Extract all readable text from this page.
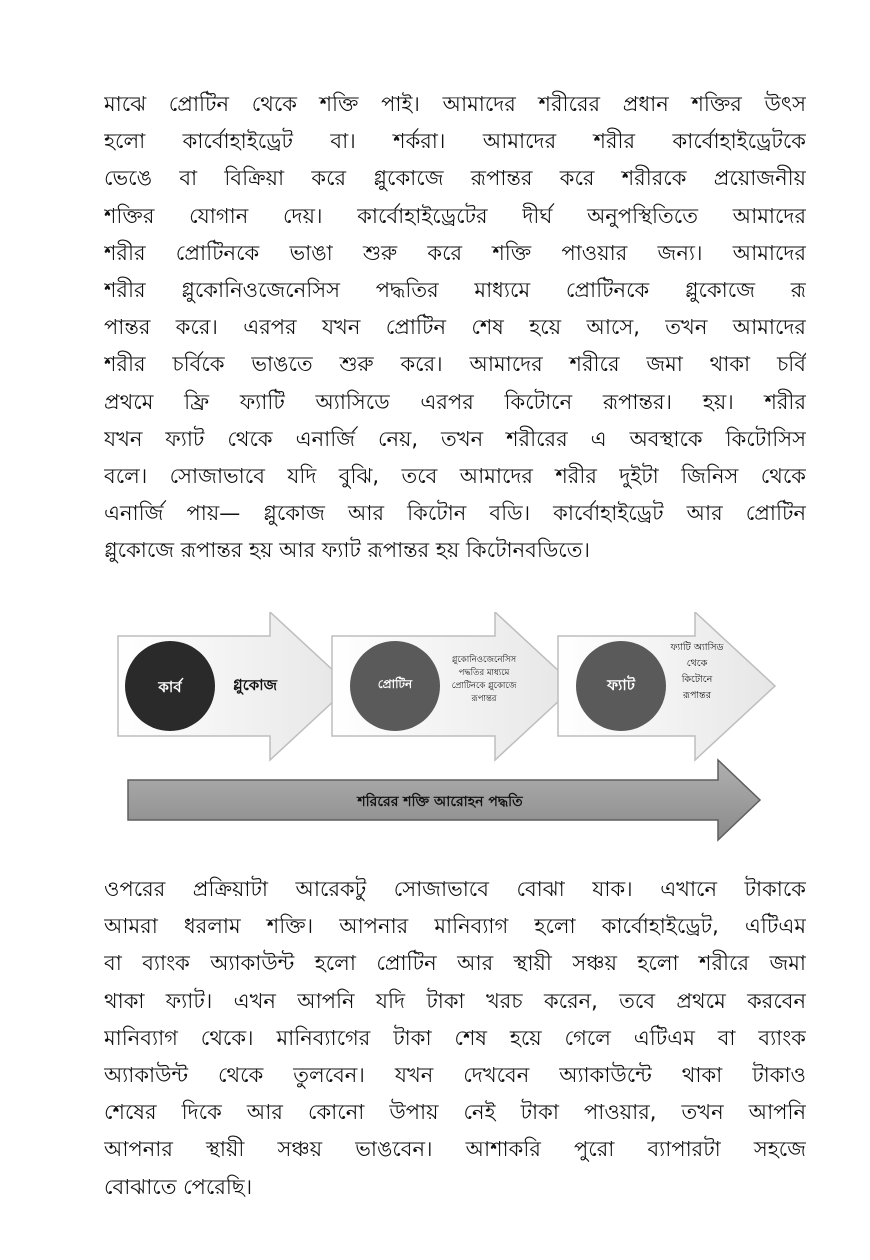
মাঝে প্রোটিন থেকে শক্তি পাই। আমাদের শরীরের প্রধান শক্তির উৎস
হলো কার্বোহাইড্রেট বা। শর্করা। আমাদের শরীর কার্বোহাইড্রেটকে
ভেঙে বা বিক্রিয়া করে গ্লুকোজে রূপান্তর করে শরীরকে প্রয়োজনীয়
শক্তির যোগান দেয়। কার্বোহাইড্রেটের দীর্ঘ অনুপস্থিতিতে আমাদের
শরীর প্রোটিনকে ভাঙা শুরু করে শক্তি পাওয়ার জন্য। আমাদের
শরীর গ্লুকোনিওজেনেসিস পদ্ধতির মাধ্যমে প্রোটিনকে গ্লুকোজে রূ
পান্তর করে। এরপর যখন প্রোটিন শেষ হয়ে আসে, তখন আমাদের
শরীর চর্বিকে ভাঙতে শুরু করে। আমাদের শরীরে জমা থাকা চর্বি
প্রথমে ফ্রি ফ্যাটি অ্যাসিডে এরপর কিটোনে রূপান্তর। হয়। শরীর
যখন ফ্যাট থেকে এনার্জি নেয়, তখন শরীরের এ অবস্থাকে কিটোসিস
বলে। সোজাভাবে যদি বুঝি, তবে আমাদের শরীর দুইটা জিনিস থেকে
এনার্জি পায়— গ্লুকোজ আর কিটোন বডি। কার্বোহাইড্রেট আর প্রোটিন
গ্লুকোজে রূপান্তর হয় আর ফ্যাট রূপান্তর হয় কিটোনবডিতে।
কার্ব	প্রোটিন	ফ্যাট
গ্লুকোজ
গ্লুকোনিওজেনেসিস
পদ্ধতির মাধ্যমে
প্রোটিনকে গ্লুকোজে
রূপান্তর
ফ্যাটি অ্যাসিড
থেকে
কিটোনে
রূপান্তর
শরিরের শক্তি আরোহন পদ্ধতি
ওপরের প্রক্রিয়াটা আরেকটু সোজাভাবে বোঝা যাক। এখানে টাকাকে
আমরা ধরলাম শক্তি। আপনার মানিব্যাগ হলো কার্বোহাইড্রেট, এটিএম
বা ব্যাংক অ্যাকাউন্ট হলো প্রোটিন আর স্থায়ী সঞ্চয় হলো শরীরে জমা
থাকা ফ্যাট। এখন আপনি যদি টাকা খরচ করেন, তবে প্রথমে করবেন
মানিব্যাগ থেকে। মানিব্যাগের টাকা শেষ হয়ে গেলে এটিএম বা ব্যাংক
অ্যাকাউন্ট থেকে তুলবেন। যখন দেখবেন অ্যাকাউন্টে থাকা টাকাও
শেষের দিকে আর কোনো উপায় নেই টাকা পাওয়ার, তখন আপনি
আপনার স্থায়ী সঞ্চয় ভাঙবেন। আশাকরি পুরো ব্যাপারটা সহজে
বোঝাতে পেরেছি।
